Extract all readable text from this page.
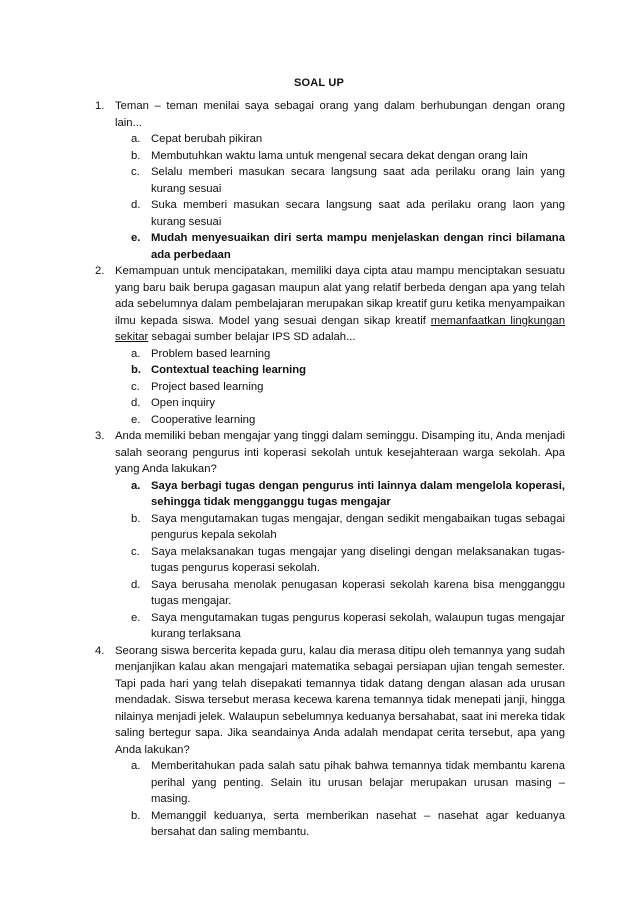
SOAL UP
1. Teman – teman menilai saya sebagai orang yang dalam berhubungan dengan orang lain...
a. Cepat berubah pikiran
b. Membutuhkan waktu lama untuk mengenal secara dekat dengan orang lain
c. Selalu memberi masukan secara langsung saat ada perilaku orang lain yang kurang sesuai
d. Suka memberi masukan secara langsung saat ada perilaku orang laon yang kurang sesuai
e. Mudah menyesuaikan diri serta mampu menjelaskan dengan rinci bilamana ada perbedaan
2. Kemampuan untuk mencipatakan, memiliki daya cipta atau mampu menciptakan sesuatu yang baru baik berupa gagasan maupun alat yang relatif berbeda dengan apa yang telah ada sebelumnya dalam pembelajaran merupakan sikap kreatif guru ketika menyampaikan ilmu kepada siswa. Model yang sesuai dengan sikap kreatif memanfaatkan lingkungan sekitar sebagai sumber belajar IPS SD adalah...
a. Problem based learning
b. Contextual teaching learning
c. Project based learning
d. Open inquiry
e. Cooperative learning
3. Anda memiliki beban mengajar yang tinggi dalam seminggu. Disamping itu, Anda menjadi salah seorang pengurus inti koperasi sekolah untuk kesejahteraan warga sekolah. Apa yang Anda lakukan?
a. Saya berbagi tugas dengan pengurus inti lainnya dalam mengelola koperasi, sehingga tidak mengganggu tugas mengajar
b. Saya mengutamakan tugas mengajar, dengan sedikit mengabaikan tugas sebagai pengurus kepala sekolah
c. Saya melaksanakan tugas mengajar yang diselingi dengan melaksanakan tugas-tugas pengurus koperasi sekolah.
d. Saya berusaha menolak penugasan koperasi sekolah karena bisa mengganggu tugas mengajar.
e. Saya mengutamakan tugas pengurus koperasi sekolah, walaupun tugas mengajar kurang terlaksana
4. Seorang siswa bercerita kepada guru, kalau dia merasa ditipu oleh temannya yang sudah menjanjikan kalau akan mengajari matematika sebagai persiapan ujian tengah semester. Tapi pada hari yang telah disepakati temannya tidak datang dengan alasan ada urusan mendadak. Siswa tersebut merasa kecewa karena temannya tidak menepati janji, hingga nilainya menjadi jelek. Walaupun sebelumnya keduanya bersahabat, saat ini mereka tidak saling bertegur sapa. Jika seandainya Anda adalah mendapat cerita tersebut, apa yang Anda lakukan?
a. Memberitahukan pada salah satu pihak bahwa temannya tidak membantu karena perihal yang penting. Selain itu urusan belajar merupakan urusan masing – masing.
b. Memanggil keduanya, serta memberikan nasehat – nasehat agar keduanya bersahat dan saling membantu.
